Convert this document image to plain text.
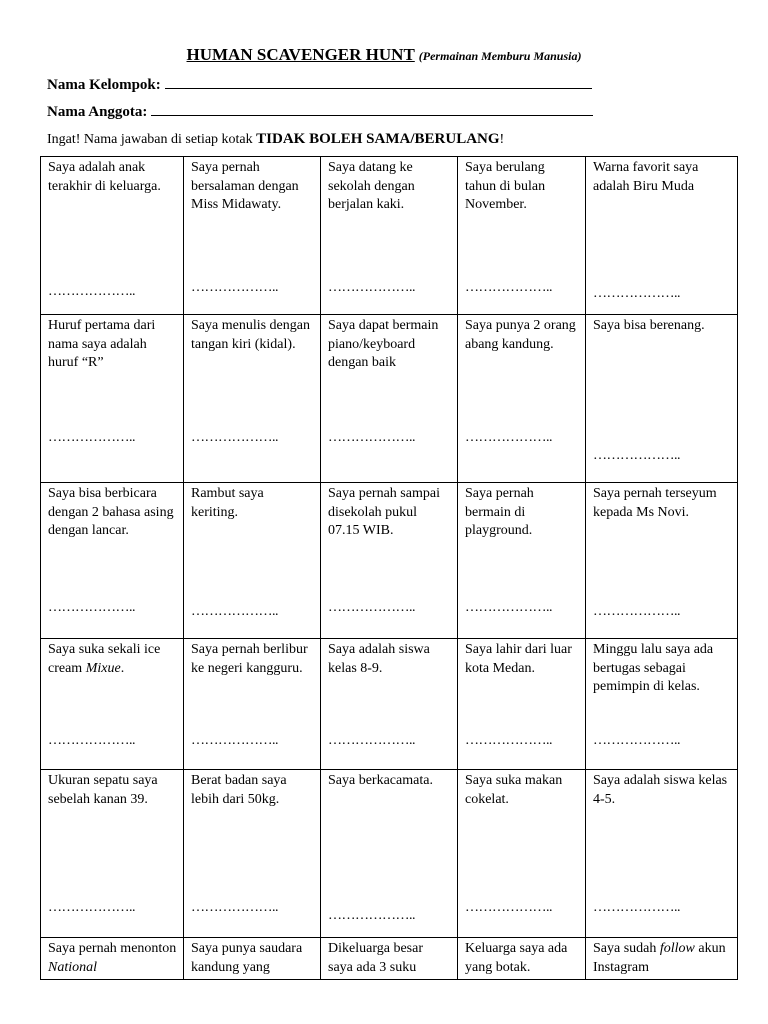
HUMAN SCAVENGER HUNT (Permainan Memburu Manusia)
Nama Kelompok:
Nama Anggota:
Ingat! Nama jawaban di setiap kotak TIDAK BOLEH SAMA/BERULANG!
Saya adalah anak terakhir di keluarga.
………………..
Saya pernah bersalaman dengan Miss Midawaty.
………………..
Saya datang ke sekolah dengan berjalan kaki.
………………..
Saya berulang tahun di bulan November.
………………..
Warna favorit saya adalah Biru Muda
………………..
Huruf pertama dari nama saya adalah huruf “R”
………………..
Saya menulis dengan tangan kiri (kidal).
………………..
Saya dapat bermain piano/keyboard dengan baik
………………..
Saya punya 2 orang abang kandung.
………………..
Saya bisa berenang.
………………..
Saya bisa berbicara dengan 2 bahasa asing dengan lancar.
………………..
Rambut saya keriting.
………………..
Saya pernah sampai disekolah pukul 07.15 WIB.
………………..
Saya pernah bermain di playground.
………………..
Saya pernah terseyum kepada Ms Novi.
………………..
Saya suka sekali ice cream Mixue.
………………..
Saya pernah berlibur ke negeri kangguru.
………………..
Saya adalah siswa kelas 8-9.
………………..
Saya lahir dari luar kota Medan.
………………..
Minggu lalu saya ada bertugas sebagai pemimpin di kelas.
………………..
Ukuran sepatu saya sebelah kanan 39.
………………..
Berat badan saya lebih dari 50kg.
………………..
Saya berkacamata.
………………..
Saya suka makan cokelat.
………………..
Saya adalah siswa kelas 4-5.
………………..
Saya pernah menonton National
Saya punya saudara kandung yang
Dikeluarga besar saya ada 3 suku
Keluarga saya ada yang botak.
Saya sudah follow akun Instagram
